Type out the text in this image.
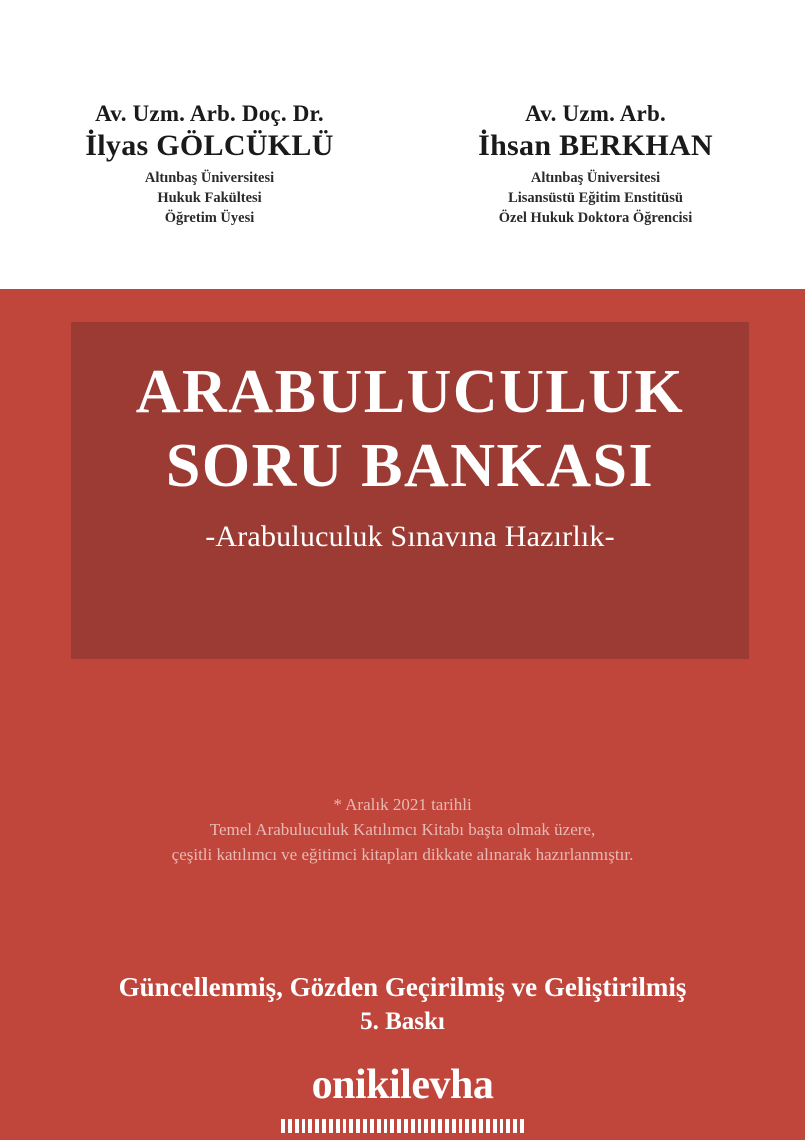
Av. Uzm. Arb. Doç. Dr.
İlyas GÖLCÜKLÜ
Altınbaş Üniversitesi
Hukuk Fakültesi
Öğretim Üyesi
Av. Uzm. Arb.
İhsan BERKHAN
Altınbaş Üniversitesi
Lisansüstü Eğitim Enstitüsü
Özel Hukuk Doktora Öğrencisi
ARABULUCULUK
SORU BANKASI
-Arabuluculuk Sınavına Hazırlık-
* Aralık 2021 tarihli
Temel Arabuluculuk Katılımcı Kitabı başta olmak üzere,
çeşitli katılımcı ve eğitimci kitapları dikkate alınarak hazırlanmıştır.
Güncellenmiş, Gözden Geçirilmiş ve Geliştirilmiş
5. Baskı
onikilevha
